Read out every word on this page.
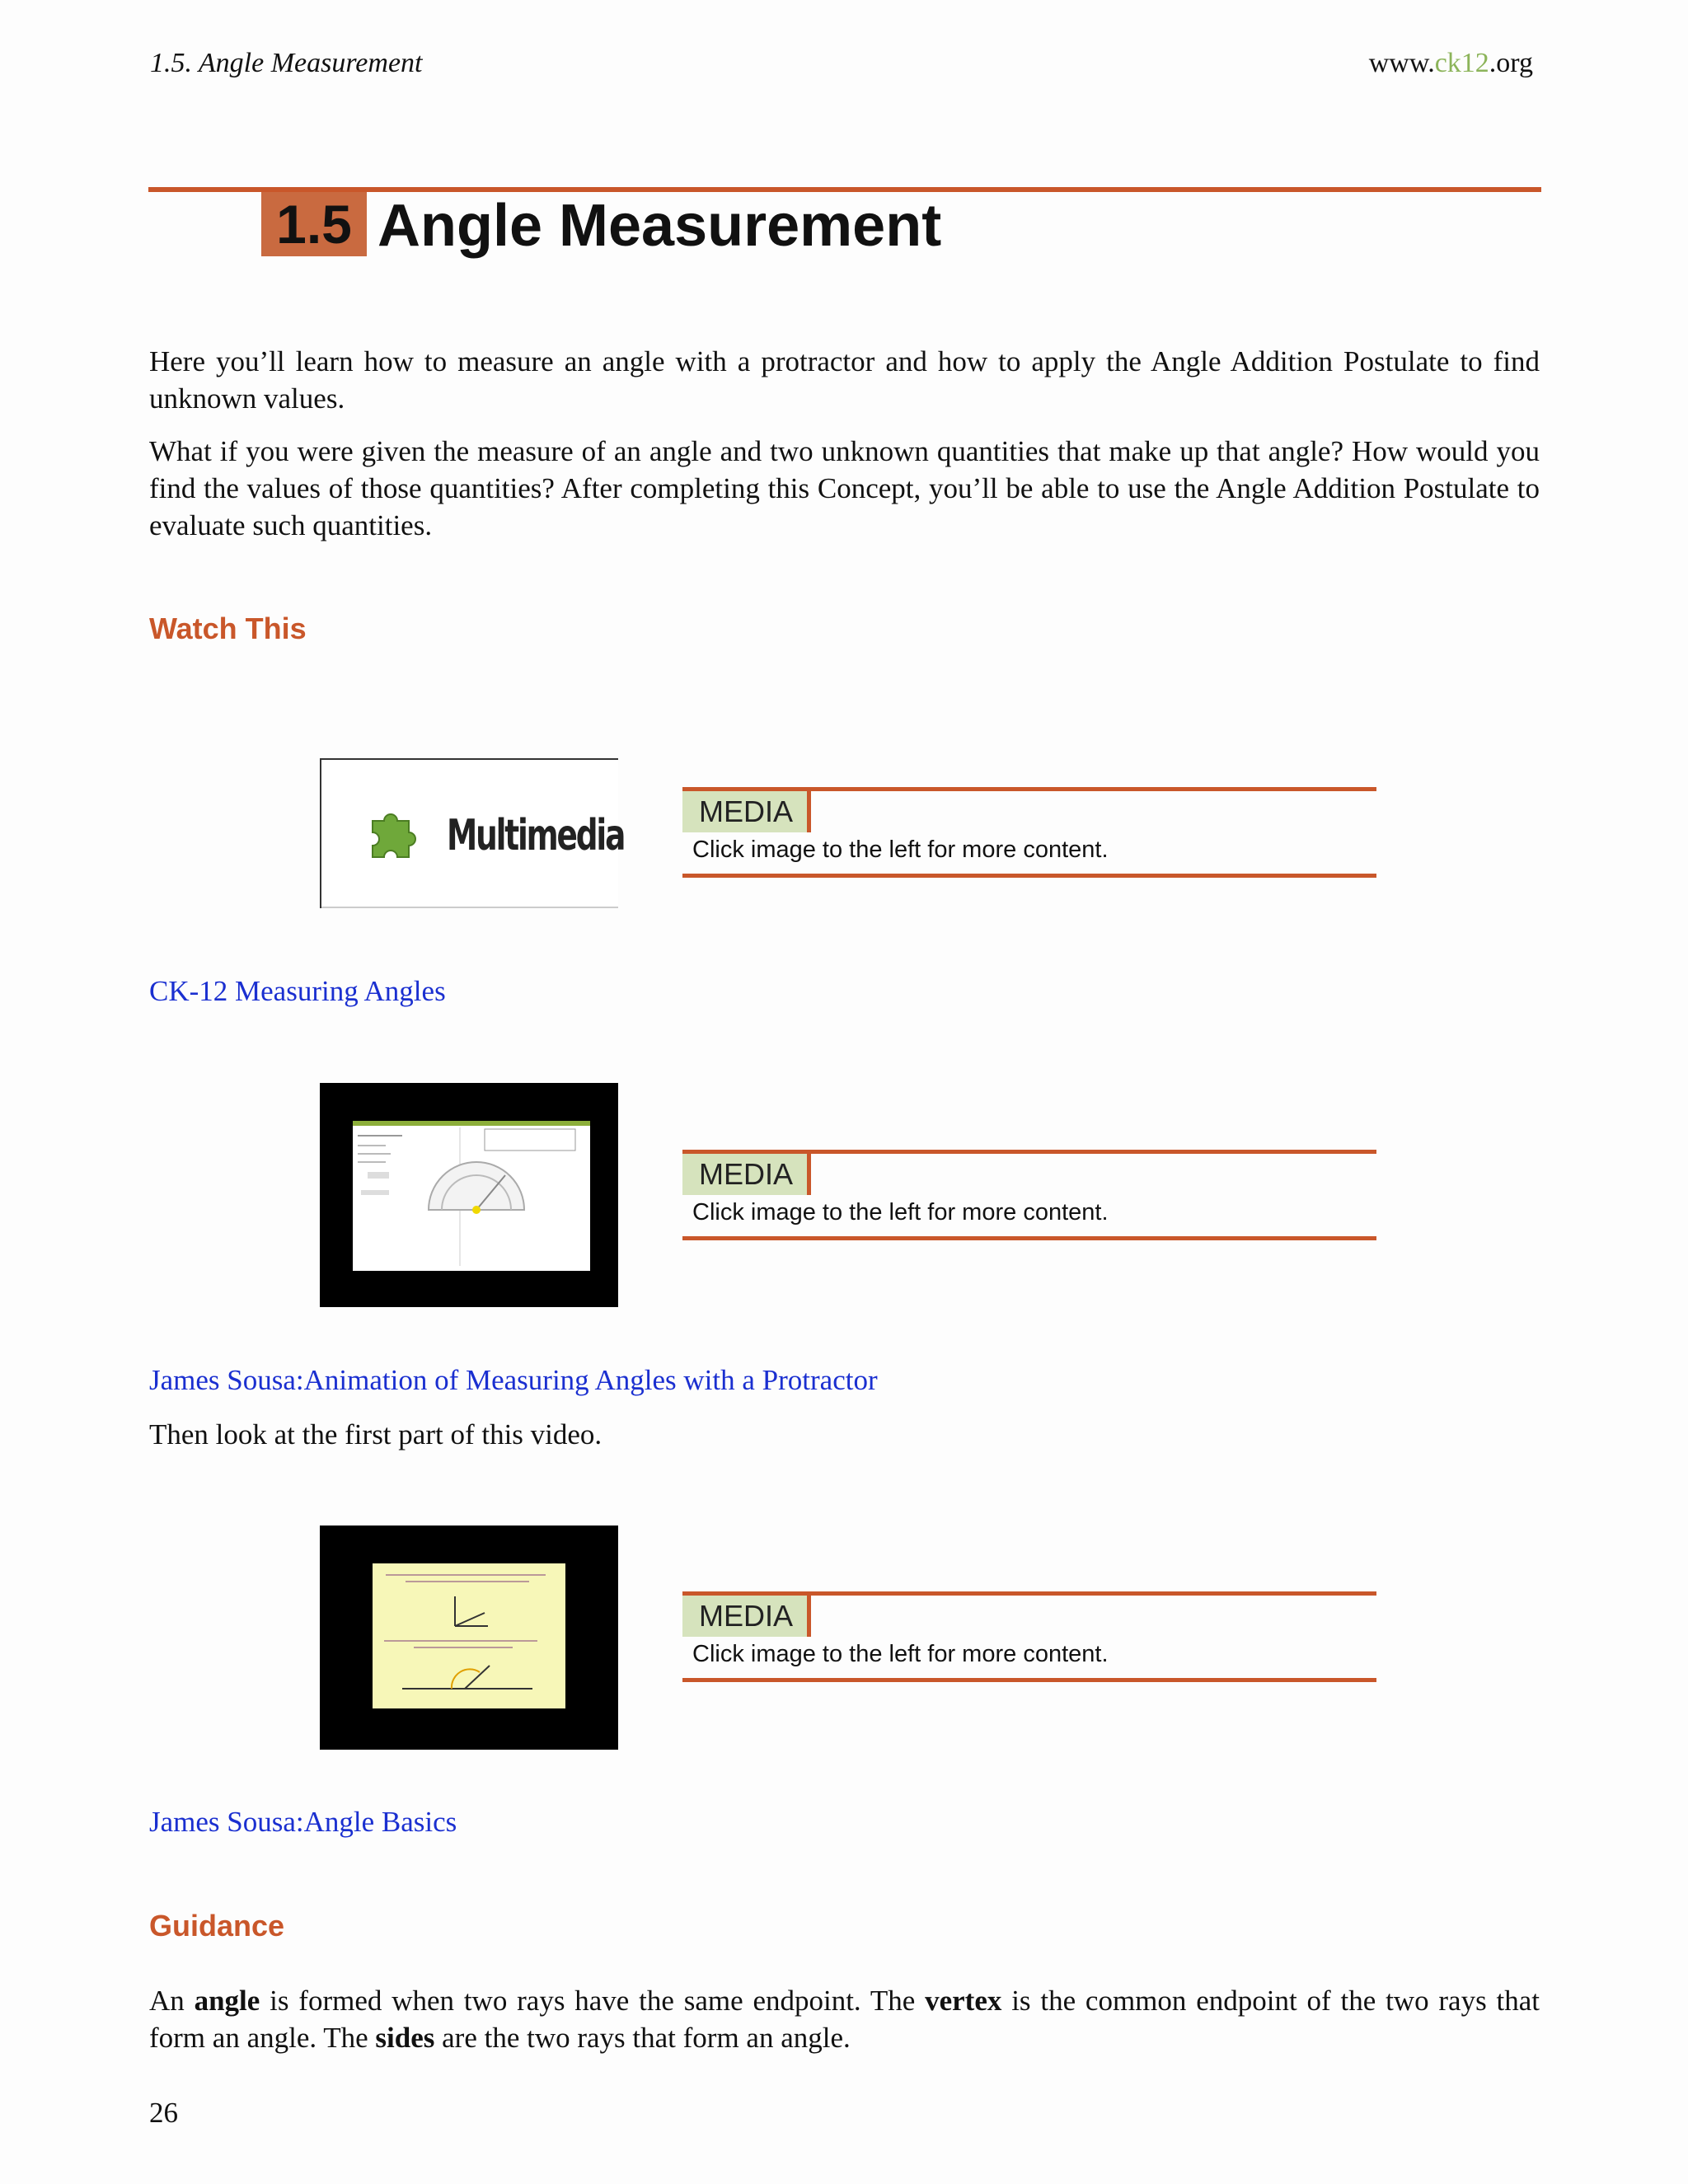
1.5. Angle Measurement	www.ck12.org
1.5 Angle Measurement

Here you’ll learn how to measure an angle with a protractor and how to apply the Angle Addition Postulate to find unknown values.

What if you were given the measure of an angle and two unknown quantities that make up that angle? How would you find the values of those quantities? After completing this Concept, you’ll be able to use the Angle Addition Postulate to evaluate such quantities.

Watch This
Multimedia	MEDIA
Click image to the left for more content.
CK-12 Measuring Angles
MEDIA
Click image to the left for more content.
James Sousa:Animation of Measuring Angles with a Protractor

Then look at the first part of this video.

MEDIA
Click image to the left for more content.
James Sousa:Angle Basics
Guidance

An angle is formed when two rays have the same endpoint. The vertex is the common endpoint of the two rays that form an angle. The sides are the two rays that form an angle.

26
